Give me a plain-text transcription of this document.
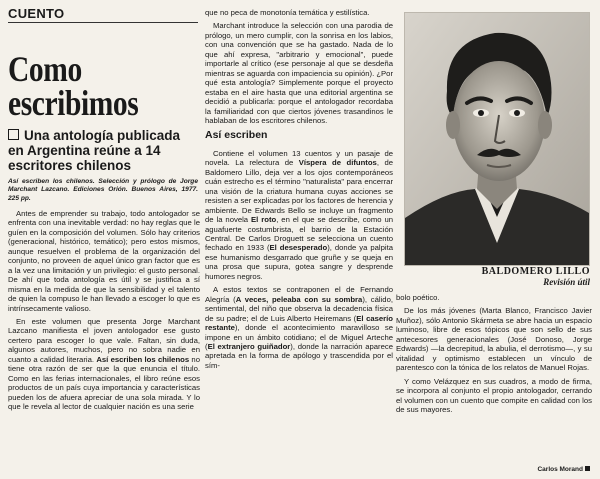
CUENTO
Como escribimos
Una antología publicada en Argentina reúne a 14 escritores chilenos
Así escriben los chilenos. Selección y prólogo de Jorge Marchant Lazcano. Ediciones Orión. Buenos Aires, 1977. 225 pp.

Antes de emprender su trabajo, todo antologador se enfrenta con una inevitable verdad: no hay reglas que le guíen en la composición del volumen. Sólo hay criterios (generacional, histórico, temático); pero estos mismos, aunque resuelven el problema de la organización del conjunto, no proveen de aquel único gran factor que es a la vez una limitación y un privilegio: el gusto personal. De ahí que toda antología es útil y se justifica a sí misma en la medida de que la sensibilidad y el talento de quien la compuso le han llevado a escoger lo que es intrínsecamente valioso.

En este volumen que presenta Jorge Marchant Lazcano manifiesta el joven antologador ese gusto certero para escoger lo que vale. Faltan, sin duda, algunos autores, muchos, pero no sobra nadie en cuanto a calidad literaria. Así escriben los chilenos no tiene otra razón de ser que la que enuncia el título. Como en las ferias internacionales, el libro reúne esos productos de un país cuya importancia y características pueden los de afuera apreciar de una sola mirada. Y lo que le revela al lector de cualquier nación es una serie

que no peca de monotonía temática y estilística.

Marchant introduce la selección con una parodia de prólogo, un mero cumplir, con la sonrisa en los labios, con una convención que se ha gastado. Nada de lo que ahí expresa, "arbitrario y emocional", puede importarle al crítico (ese personaje al que se desdeña mientras se aguarda con impaciencia su opinión). ¿Por qué esta antología? Simplemente porque el proyecto estaba en el aire hasta que una editorial argentina se decidió a publicarla: porque el antologador recordaba la familiaridad con que ciertos jóvenes trasandinos le hablaban de los escritores chilenos.

Así escriben

Contiene el volumen 13 cuentos y un pasaje de novela. La relectura de Víspera de difuntos, de Baldomero Lillo, deja ver a los ojos contemporáneos cuán estrecho es el término "naturalista" para encerrar una visión de la criatura humana cuyas acciones se resisten a ser explicadas por los factores de herencia y ambiente. De Edwards Bello se incluye un fragmento de la novela El roto, en el que se describe, como un aguafuerte costumbrista, el barrio de la Estación Central. De Carlos Droguett se selecciona un cuento fechado en 1933 (El desesperado), donde ya palpita ese humanismo desgarrado que gruñe y se queja en una prosa que supura, gotea sangre y desprende humores negros.

A estos textos se contraponen el de Fernando Alegría (A veces, peleaba con su sombra), cálido, sentimental, del niño que observa la decadencia física de su padre; el de Luis Alberto Heiremans (El caserío restante), donde el acontecimiento maravilloso se impone en un ámbito cotidiano; el de Miguel Arteche (El extranjero guiñador), donde la narración aparece apretada en la forma de apólogo y trascendida por el sím-

BALDOMERO LILLO
Revisión útil

bolo poético.

De los más jóvenes (Marta Blanco, Francisco Javier Muñoz), sólo Antonio Skármeta se abre hacia un espacio luminoso, libre de esos tópicos que son sello de sus antecesores generacionales (José Donoso, Jorge Edwards) —la decrepitud, la abulia, el derrotismo—, y su vitalidad y optimismo establecen un vínculo de parentesco con la tónica de los relatos de Manuel Rojas.

Y como Velázquez en sus cuadros, a modo de firma, se incorpora al conjunto el propio antologador, cerrando el volumen con un cuento que compite en calidad con los de sus mayores.

Carlos Morand
